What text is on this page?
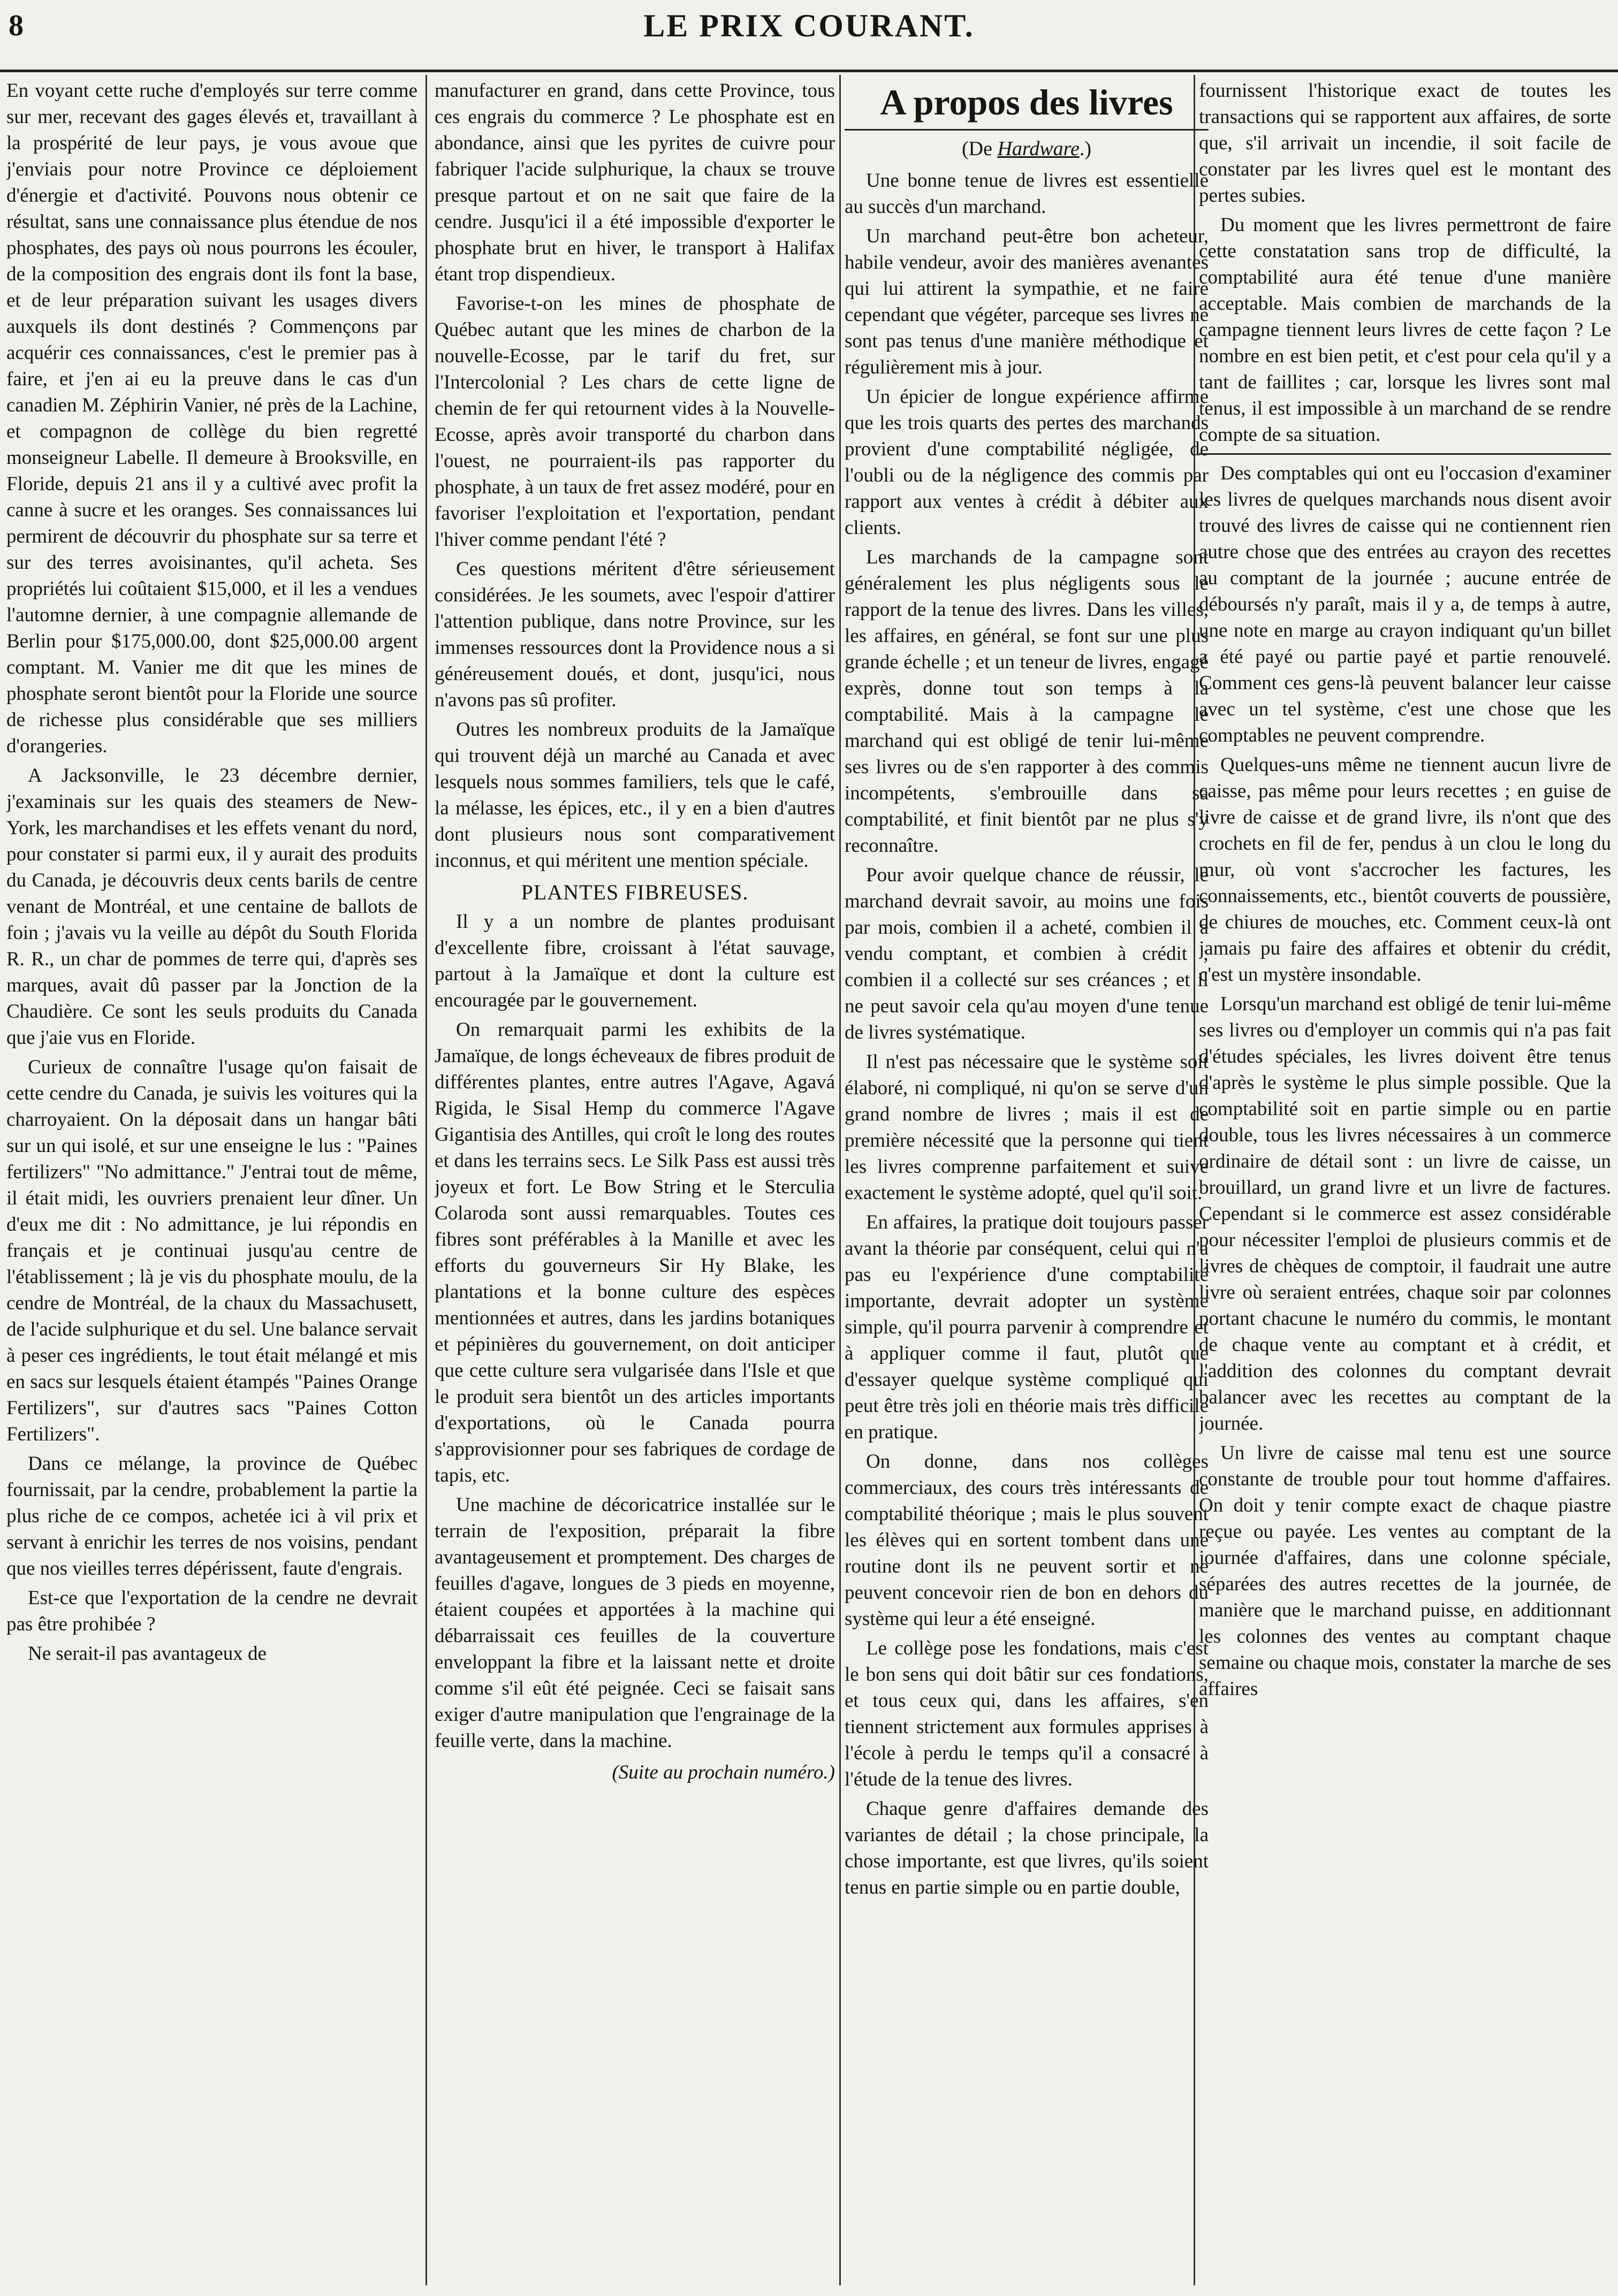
8	LE PRIX COURANT.

En voyant cette ruche d'employés sur terre comme sur mer, recevant des gages élevés et, travaillant à la prospérité de leur pays, je vous avoue que j'enviais pour notre Province ce déploiement d'énergie et d'activité. Pouvons nous obtenir ce résultat, sans une connaissance plus étendue de nos phosphates, des pays où nous pourrons les écouler, de la composition des engrais dont ils font la base, et de leur préparation suivant les usages divers auxquels ils dont destinés ? Commençons par acquérir ces connaissances, c'est le premier pas à faire, et j'en ai eu la preuve dans le cas d'un canadien M. Zéphirin Vanier, né près de la Lachine, et compagnon de collège du bien regretté monseigneur Labelle. Il demeure à Brooksville, en Floride, depuis 21 ans il y a cultivé avec profit la canne à sucre et les oranges. Ses connaissances lui permirent de découvrir du phosphate sur sa terre et sur des terres avoisinantes, qu'il acheta. Ses propriétés lui coûtaient $15,000, et il les a vendues l'automne dernier, à une compagnie allemande de Berlin pour $175,000.00, dont $25,000.00 argent comptant. M. Vanier me dit que les mines de phosphate seront bientôt pour la Floride une source de richesse plus considérable que ses milliers d'orangeries.

A Jacksonville, le 23 décembre dernier, j'examinais sur les quais des steamers de New-York, les marchandises et les effets venant du nord, pour constater si parmi eux, il y aurait des produits du Canada, je découvris deux cents barils de centre venant de Montréal, et une centaine de ballots de foin ; j'avais vu la veille au dépôt du South Florida R. R., un char de pommes de terre qui, d'après ses marques, avait dû passer par la Jonction de la Chaudière. Ce sont les seuls produits du Canada que j'aie vus en Floride.

Curieux de connaître l'usage qu'on faisait de cette cendre du Canada, je suivis les voitures qui la charroyaient. On la déposait dans un hangar bâti sur un qui isolé, et sur une enseigne le lus : "Paines fertilizers" "No admittance." J'entrai tout de même, il était midi, les ouvriers prenaient leur dîner. Un d'eux me dit : No admittance, je lui répondis en français et je continuai jusqu'au centre de l'établissement ; là je vis du phosphate moulu, de la cendre de Montréal, de la chaux du Massachusett, de l'acide sulphurique et du sel. Une balance servait à peser ces ingrédients, le tout était mélangé et mis en sacs sur lesquels étaient étampés "Paines Orange Fertilizers", sur d'autres sacs "Paines Cotton Fertilizers".

Dans ce mélange, la province de Québec fournissait, par la cendre, probablement la partie la plus riche de ce compos, achetée ici à vil prix et servant à enrichir les terres de nos voisins, pendant que nos vieilles terres dépérissent, faute d'engrais.

Est-ce que l'exportation de la cendre ne devrait pas être prohibée ?

Ne serait-il pas avantageux de

manufacturer en grand, dans cette Province, tous ces engrais du commerce ? Le phosphate est en abondance, ainsi que les pyrites de cuivre pour fabriquer l'acide sulphurique, la chaux se trouve presque partout et on ne sait que faire de la cendre. Jusqu'ici il a été impossible d'exporter le phosphate brut en hiver, le transport à Halifax étant trop dispendieux.

Favorise-t-on les mines de phosphate de Québec autant que les mines de charbon de la nouvelle-Ecosse, par le tarif du fret, sur l'Intercolonial ? Les chars de cette ligne de chemin de fer qui retournent vides à la Nouvelle-Ecosse, après avoir transporté du charbon dans l'ouest, ne pourraient-ils pas rapporter du phosphate, à un taux de fret assez modéré, pour en favoriser l'exploitation et l'exportation, pendant l'hiver comme pendant l'été ?

Ces questions méritent d'être sérieusement considérées. Je les soumets, avec l'espoir d'attirer l'attention publique, dans notre Province, sur les immenses ressources dont la Providence nous a si généreusement doués, et dont, jusqu'ici, nous n'avons pas sû profiter.

Outres les nombreux produits de la Jamaïque qui trouvent déjà un marché au Canada et avec lesquels nous sommes familiers, tels que le café, la mélasse, les épices, etc., il y en a bien d'autres dont plusieurs nous sont comparativement inconnus, et qui méritent une mention spéciale.

PLANTES FIBREUSES.

Il y a un nombre de plantes produisant d'excellente fibre, croissant à l'état sauvage, partout à la Jamaïque et dont la culture est encouragée par le gouvernement.

On remarquait parmi les exhibits de la Jamaïque, de longs écheveaux de fibres produit de différentes plantes, entre autres l'Agave, Agavá Rigida, le Sisal Hemp du commerce l'Agave Gigantisia des Antilles, qui croît le long des routes et dans les terrains secs. Le Silk Pass est aussi très joyeux et fort. Le Bow String et le Sterculia Colaroda sont aussi remarquables. Toutes ces fibres sont préférables à la Manille et avec les efforts du gouverneurs Sir Hy Blake, les plantations et la bonne culture des espèces mentionnées et autres, dans les jardins botaniques et pépinières du gouvernement, on doit anticiper que cette culture sera vulgarisée dans l'Isle et que le produit sera bientôt un des articles importants d'exportations, où le Canada pourra s'approvisionner pour ses fabriques de cordage de tapis, etc.

Une machine de décoricatrice installée sur le terrain de l'exposition, préparait la fibre avantageusement et promptement. Des charges de feuilles d'agave, longues de 3 pieds en moyenne, étaient coupées et apportées à la machine qui débarraissait ces feuilles de la couverture enveloppant la fibre et la laissant nette et droite comme s'il eût été peignée. Ceci se faisait sans exiger d'autre manipulation que l'engrainage de la feuille verte, dans la machine.

(Suite au prochain numéro.)

A propos des livres
(De Hardware.)

Une bonne tenue de livres est essentielle au succès d'un marchand.

Un marchand peut-être bon acheteur, habile vendeur, avoir des manières avenantes qui lui attirent la sympathie, et ne faire cependant que végéter, parceque ses livres ne sont pas tenus d'une manière méthodique et régulièrement mis à jour.

Un épicier de longue expérience affirme que les trois quarts des pertes des marchands provient d'une comptabilité négligée, de l'oubli ou de la négligence des commis par rapport aux ventes à crédit à débiter aux clients.

Les marchands de la campagne sont généralement les plus négligents sous le rapport de la tenue des livres. Dans les villes, les affaires, en général, se font sur une plus grande échelle ; et un teneur de livres, engagé exprès, donne tout son temps à la comptabilité. Mais à la campagne le marchand qui est obligé de tenir lui-même ses livres ou de s'en rapporter à des commis incompétents, s'embrouille dans sa comptabilité, et finit bientôt par ne plus s'y reconnaître.

Pour avoir quelque chance de réussir, le marchand devrait savoir, au moins une fois par mois, combien il a acheté, combien il a vendu comptant, et combien à crédit ; combien il a collecté sur ses créances ; et il ne peut savoir cela qu'au moyen d'une tenue de livres systématique.

Il n'est pas nécessaire que le système soit élaboré, ni compliqué, ni qu'on se serve d'un grand nombre de livres ; mais il est de première nécessité que la personne qui tient les livres comprenne parfaitement et suive exactement le système adopté, quel qu'il soit.

En affaires, la pratique doit toujours passer avant la théorie par conséquent, celui qui n'a pas eu l'expérience d'une comptabilité importante, devrait adopter un système simple, qu'il pourra parvenir à comprendre et à appliquer comme il faut, plutôt que d'essayer quelque système compliqué qui peut être très joli en théorie mais très difficile en pratique.

On donne, dans nos collèges commerciaux, des cours très intéressants de comptabilité théorique ; mais le plus souvent les élèves qui en sortent tombent dans une routine dont ils ne peuvent sortir et ne peuvent concevoir rien de bon en dehors du système qui leur a été enseigné.

Le collège pose les fondations, mais c'est le bon sens qui doit bâtir sur ces fondations, et tous ceux qui, dans les affaires, s'en tiennent strictement aux formules apprises à l'école à perdu le temps qu'il a consacré à l'étude de la tenue des livres.

Chaque genre d'affaires demande des variantes de détail ; la chose principale, la chose importante, est que livres, qu'ils soient tenus en partie simple ou en partie double,

fournissent l'historique exact de toutes les transactions qui se rapportent aux affaires, de sorte que, s'il arrivait un incendie, il soit facile de constater par les livres quel est le montant des pertes subies.

Du moment que les livres permettront de faire cette constatation sans trop de difficulté, la comptabilité aura été tenue d'une manière acceptable. Mais combien de marchands de la campagne tiennent leurs livres de cette façon ? Le nombre en est bien petit, et c'est pour cela qu'il y a tant de faillites ; car, lorsque les livres sont mal tenus, il est impossible à un marchand de se rendre compte de sa situation.

Des comptables qui ont eu l'occasion d'examiner les livres de quelques marchands nous disent avoir trouvé des livres de caisse qui ne contiennent rien autre chose que des entrées au crayon des recettes au comptant de la journée ; aucune entrée de déboursés n'y paraît, mais il y a, de temps à autre, une note en marge au crayon indiquant qu'un billet a été payé ou partie payé et partie renouvelé. Comment ces gens-là peuvent balancer leur caisse avec un tel système, c'est une chose que les comptables ne peuvent comprendre.

Quelques-uns même ne tiennent aucun livre de caisse, pas même pour leurs recettes ; en guise de livre de caisse et de grand livre, ils n'ont que des crochets en fil de fer, pendus à un clou le long du mur, où vont s'accrocher les factures, les connaissements, etc., bientôt couverts de poussière, de chiures de mouches, etc. Comment ceux-là ont jamais pu faire des affaires et obtenir du crédit, c'est un mystère insondable.

Lorsqu'un marchand est obligé de tenir lui-même ses livres ou d'employer un commis qui n'a pas fait d'études spéciales, les livres doivent être tenus d'après le système le plus simple possible. Que la comptabilité soit en partie simple ou en partie double, tous les livres nécessaires à un commerce ordinaire de détail sont : un livre de caisse, un brouillard, un grand livre et un livre de factures. Cependant si le commerce est assez considérable pour nécessiter l'emploi de plusieurs commis et de livres de chèques de comptoir, il faudrait une autre livre où seraient entrées, chaque soir par colonnes portant chacune le numéro du commis, le montant de chaque vente au comptant et à crédit, et l'addition des colonnes du comptant devrait balancer avec les recettes au comptant de la journée.

Un livre de caisse mal tenu est une source constante de trouble pour tout homme d'affaires. On doit y tenir compte exact de chaque piastre reçue ou payée. Les ventes au comptant de la journée d'affaires, dans une colonne spéciale, séparées des autres recettes de la journée, de manière que le marchand puisse, en additionnant les colonnes des ventes au comptant chaque semaine ou chaque mois, constater la marche de ses affaires
